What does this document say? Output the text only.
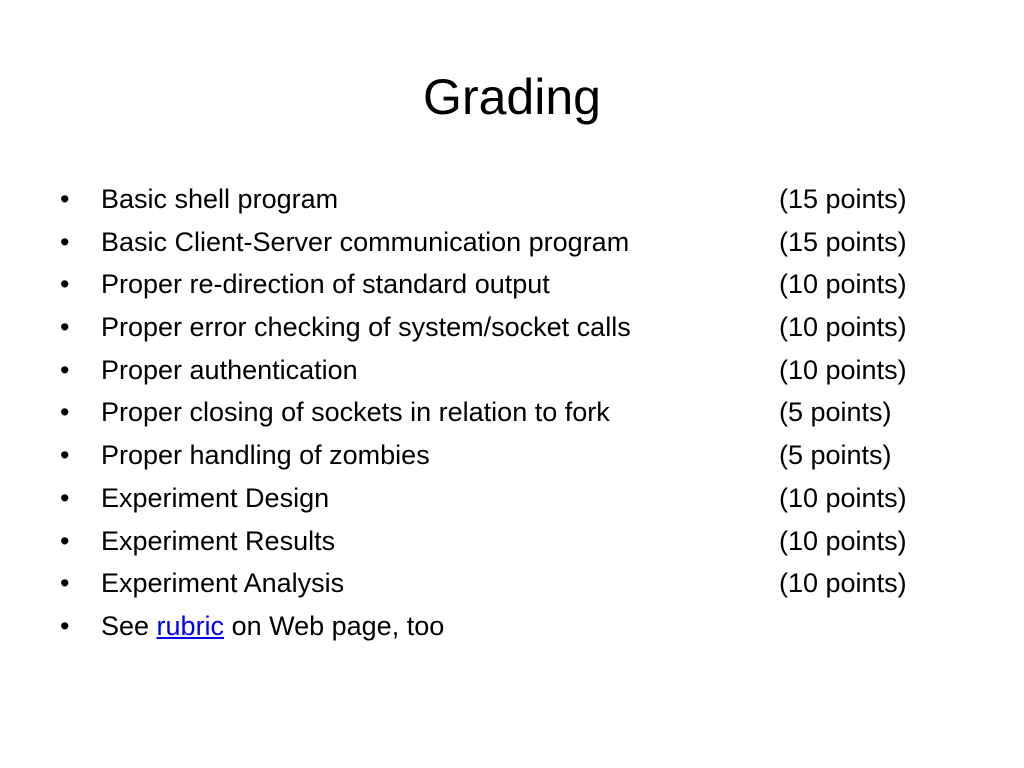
Grading
•	Basic shell program	(15 points)
•	Basic Client-Server communication program	(15 points)
•	Proper re-direction of standard output	(10 points)
•	Proper error checking of system/socket calls	(10 points)
•	Proper authentication	(10 points)
•	Proper closing of sockets in relation to fork	(5 points)
•	Proper handling of zombies	(5 points)
•	Experiment Design	(10 points)
•	Experiment Results	(10 points)
•	Experiment Analysis	(10 points)
•	See rubric on Web page, too
